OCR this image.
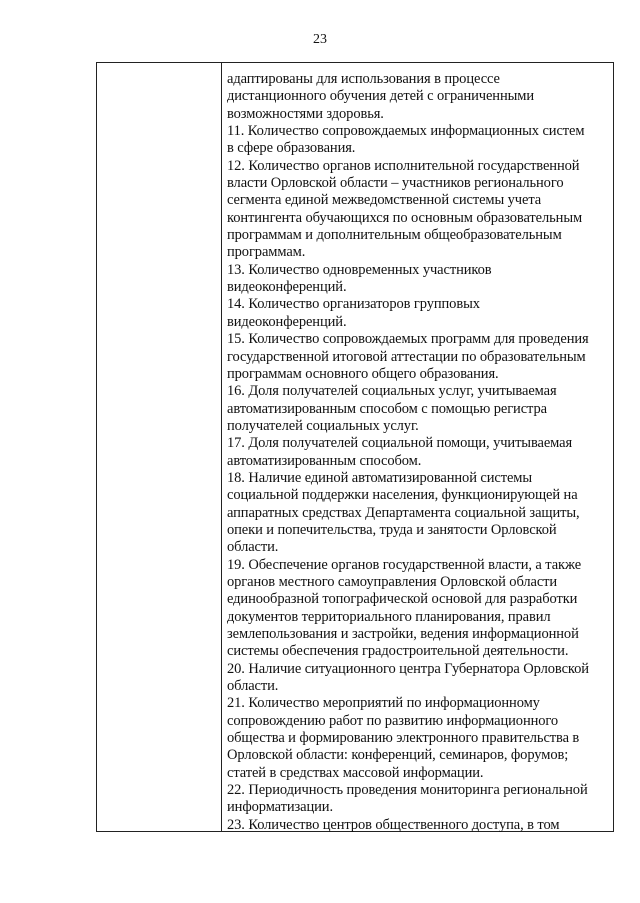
23
адаптированы для использования в процессе
дистанционного обучения детей с ограниченными
возможностями здоровья.
11. Количество сопровождаемых информационных систем
в сфере образования.
12. Количество органов исполнительной государственной
власти Орловской области – участников регионального
сегмента единой межведомственной системы учета
контингента обучающихся по основным образовательным
программам и дополнительным общеобразовательным
программам.
13. Количество одновременных участников
видеоконференций.
14. Количество организаторов групповых
видеоконференций.
15. Количество сопровождаемых программ для проведения
государственной итоговой аттестации по образовательным
программам основного общего образования.
16. Доля получателей социальных услуг, учитываемая
автоматизированным способом с помощью регистра
получателей социальных услуг.
17. Доля получателей социальной помощи, учитываемая
автоматизированным способом.
18. Наличие единой автоматизированной системы
социальной поддержки населения, функционирующей на
аппаратных средствах Департамента социальной защиты,
опеки и попечительства, труда и занятости Орловской
области.
19. Обеспечение органов государственной власти, а также
органов местного самоуправления Орловской области
единообразной топографической основой для разработки
документов территориального планирования, правил
землепользования и застройки, ведения информационной
системы обеспечения градостроительной деятельности.
20. Наличие ситуационного центра Губернатора Орловской
области.
21. Количество мероприятий по информационному
сопровождению работ по развитию информационного
общества и формированию электронного правительства в
Орловской области: конференций, семинаров, форумов;
статей в средствах массовой информации.
22. Периодичность проведения мониторинга региональной
информатизации.
23. Количество центров общественного доступа, в том
